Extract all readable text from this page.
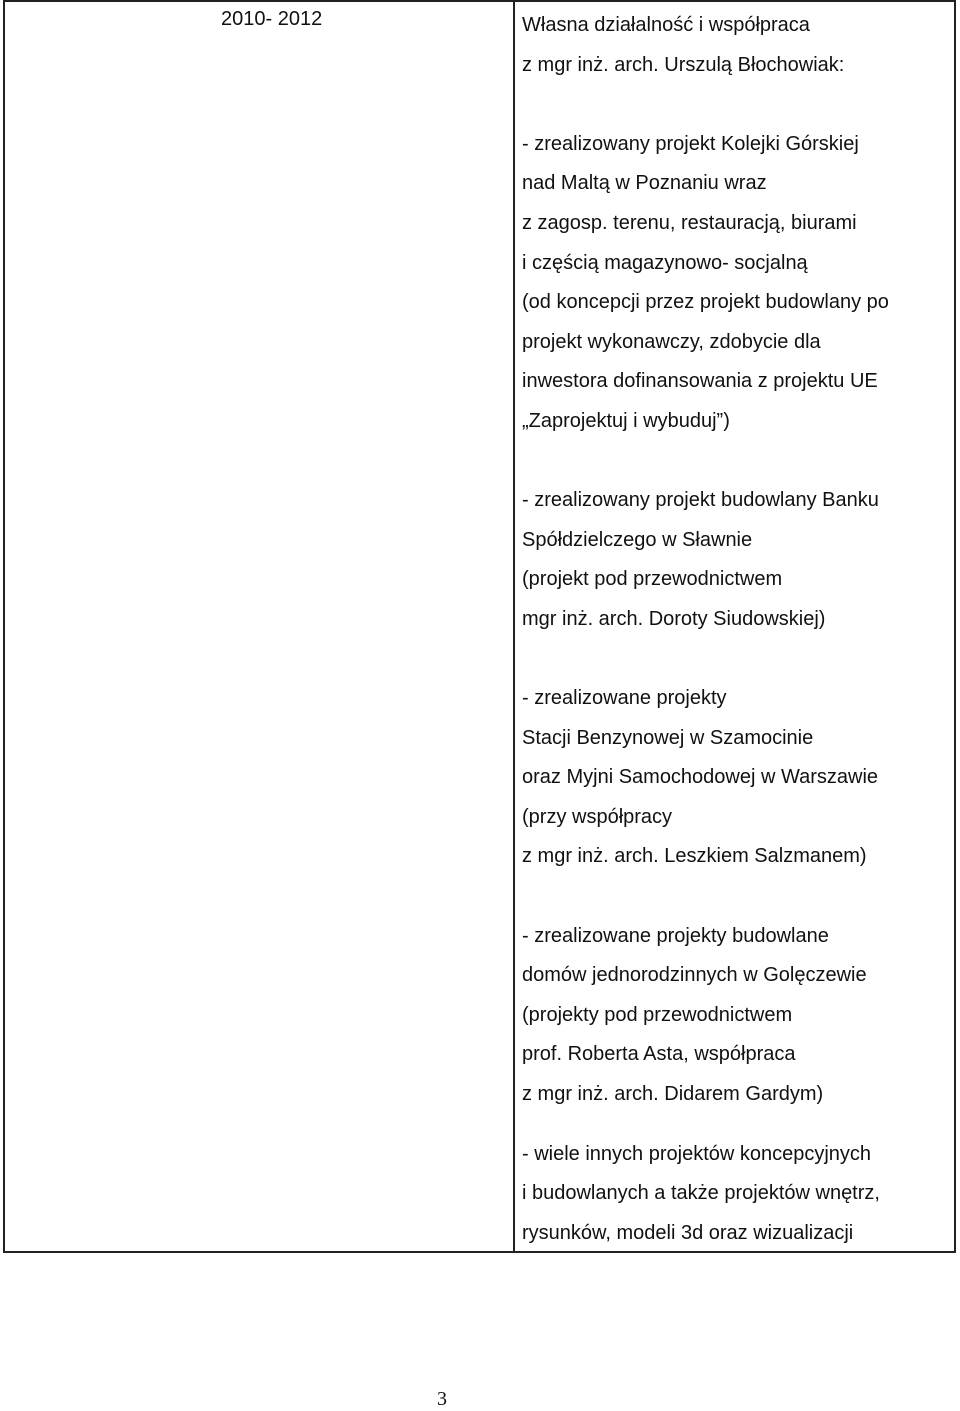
2010- 2012	Własna działalność i współpraca
z mgr inż. arch. Urszulą Błochowiak:
- zrealizowany projekt Kolejki Górskiej
nad Maltą w Poznaniu wraz
z zagosp. terenu, restauracją, biurami
i częścią magazynowo- socjalną
(od koncepcji przez projekt budowlany po
projekt wykonawczy, zdobycie dla
inwestora dofinansowania z projektu UE
„Zaprojektuj i wybuduj”)
- zrealizowany projekt budowlany Banku
Spółdzielczego w Sławnie
(projekt pod przewodnictwem
mgr inż. arch. Doroty Siudowskiej)
- zrealizowane projekty
Stacji Benzynowej w Szamocinie
oraz Myjni Samochodowej w Warszawie
(przy współpracy
z mgr inż. arch. Leszkiem Salzmanem)
- zrealizowane projekty budowlane
domów jednorodzinnych w Golęczewie
(projekty pod przewodnictwem
prof. Roberta Asta, współpraca
z mgr inż. arch. Didarem Gardym)
- wiele innych projektów koncepcyjnych
i budowlanych a także projektów wnętrz,
rysunków, modeli 3d oraz wizualizacji
3
